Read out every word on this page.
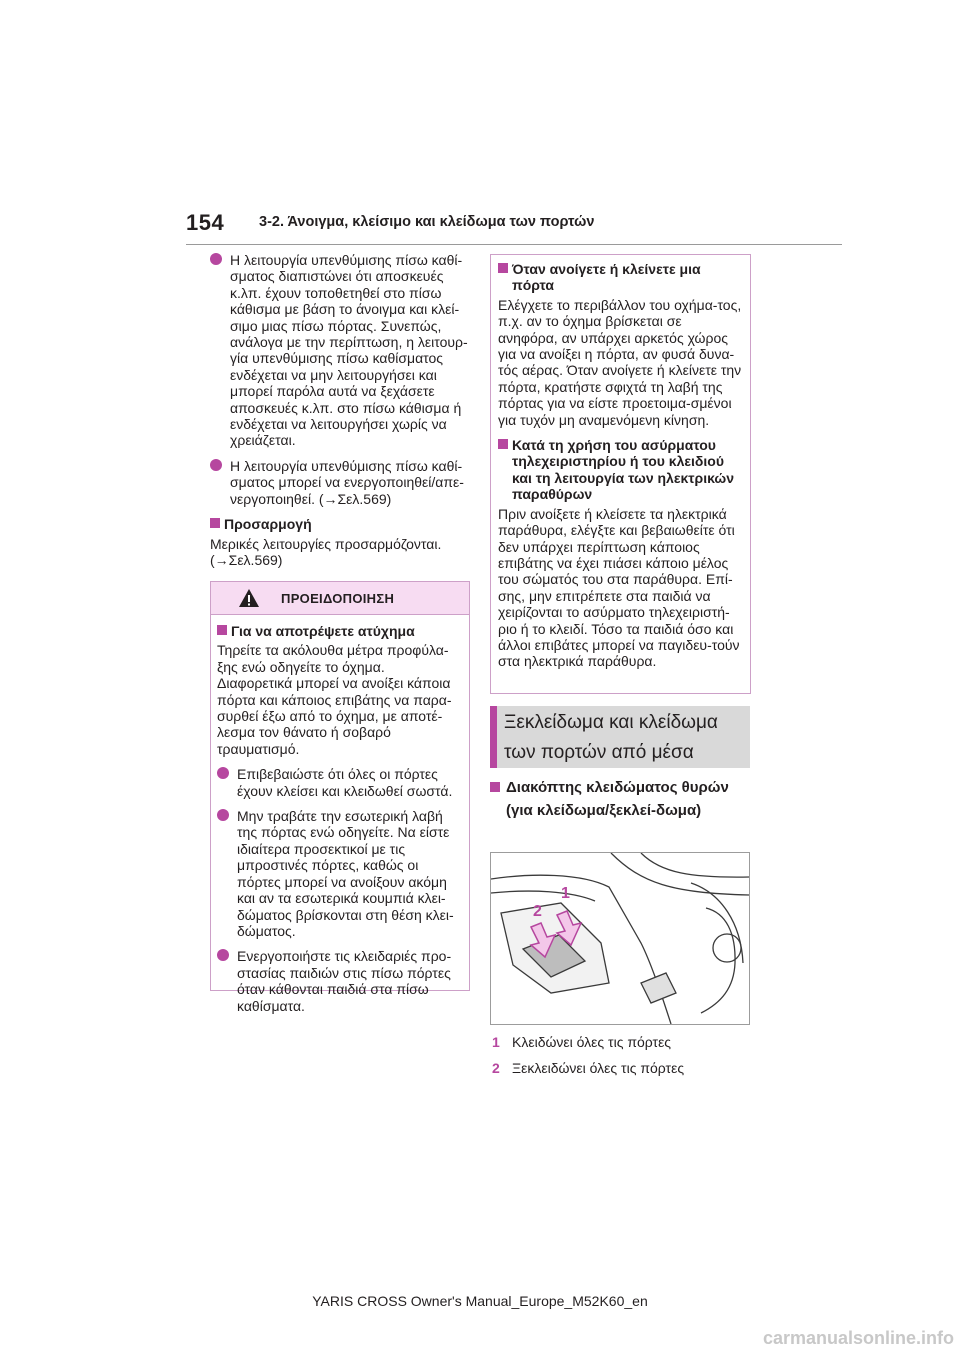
154 3-2. Άνοιγμα, κλείσιμο και κλείδωμα των πορτών
Η λειτουργία υπενθύμισης πίσω καθί-σματος διαπιστώνει ότι αποσκευές κ.λπ. έχουν τοποθετηθεί στο πίσω κάθισμα με βάση το άνοιγμα και κλεί-σιμο μιας πίσω πόρτας. Συνεπώς, ανάλογα με την περίπτωση, η λειτουρ-γία υπενθύμισης πίσω καθίσματος ενδέχεται να μην λειτουργήσει και μπορεί παρόλα αυτά να ξεχάσετε αποσκευές κ.λπ. στο πίσω κάθισμα ή ενδέχεται να λειτουργήσει χωρίς να χρειάζεται.
Η λειτουργία υπενθύμισης πίσω καθί-σματος μπορεί να ενεργοποιηθεί/απε-νεργοποιηθεί. (→Σελ.569)
Προσαρμογή

Μερικές λειτουργίες προσαρμόζονται. (→Σελ.569)

ΠΡΟΕΙΔΟΠΟΙΗΣΗ
Για να αποτρέψετε ατύχημα

Τηρείτε τα ακόλουθα μέτρα προφύλα-ξης ενώ οδηγείτε το όχημα. Διαφορετικά μπορεί να ανοίξει κάποια πόρτα και κάποιος επιβάτης να παρα-συρθεί έξω από το όχημα, με αποτέ-λεσμα τον θάνατο ή σοβαρό τραυματισμό.

Επιβεβαιώστε ότι όλες οι πόρτες έχουν κλείσει και κλειδωθεί σωστά.
Μην τραβάτε την εσωτερική λαβή της πόρτας ενώ οδηγείτε. Να είστε ιδιαίτερα προσεκτικοί με τις μπροστινές πόρτες, καθώς οι πόρτες μπορεί να ανοίξουν ακόμη και αν τα εσωτερικά κουμπιά κλει-δώματος βρίσκονται στη θέση κλει-δώματος.
Ενεργοποιήστε τις κλειδαριές προ-στασίας παιδιών στις πίσω πόρτες όταν κάθονται παιδιά στα πίσω καθίσματα.
Όταν ανοίγετε ή κλείνετε μια πόρτα

Ελέγχετε το περιβάλλον του οχήμα-τος, π.χ. αν το όχημα βρίσκεται σε ανηφόρα, αν υπάρχει αρκετός χώρος για να ανοίξει η πόρτα, αν φυσά δυνα-τός αέρας. Όταν ανοίγετε ή κλείνετε την πόρτα, κρατήστε σφιχτά τη λαβή της πόρτας για να είστε προετοιμα-σμένοι για τυχόν μη αναμενόμενη κίνηση.

Κατά τη χρήση του ασύρματου τηλεχειριστηρίου ή του κλειδιού και τη λειτουργία των ηλεκτρικών παραθύρων

Πριν ανοίξετε ή κλείσετε τα ηλεκτρικά παράθυρα, ελέγξτε και βεβαιωθείτε ότι δεν υπάρχει περίπτωση κάποιος επιβάτης να έχει πιάσει κάποιο μέλος του σώματός του στα παράθυρα. Επί-σης, μην επιτρέπετε στα παιδιά να χειρίζονται το ασύρματο τηλεχειριστή-ριο ή το κλειδί. Τόσο τα παιδιά όσο και άλλοι επιβάτες μπορεί να παγιδευ-τούν στα ηλεκτρικά παράθυρα.

Ξεκλείδωμα και κλείδωμα
των πορτών από μέσα
Διακόπτης κλειδώματος θυρών (για κλείδωμα/ξεκλεί-δωμα)
1
2
1 Κλειδώνει όλες τις πόρτες
2 Ξεκλειδώνει όλες τις πόρτες
YARIS CROSS Owner's Manual_Europe_M52K60_en
carmanualsonline.info
